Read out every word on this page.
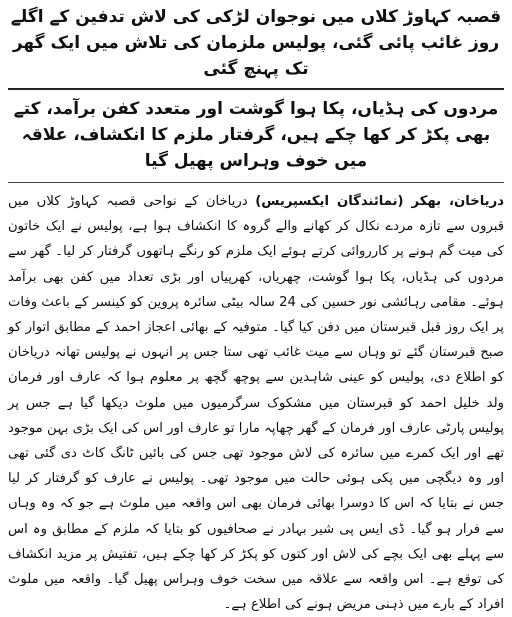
قصبہ کہاوڑ کلاں میں نوجوان لڑکی کی لاش تدفین کے اگلے روز غائب پائی گئی، پولیس ملزمان کی تلاش میں ایک گھر تک پہنچ گئی
مردوں کی ہڈیاں، پکا ہوا گوشت اور متعدد کفن برآمد، کتے بھی پکڑ کر کھا چکے ہیں، گرفتار ملزم کا انکشاف، علاقہ میں خوف وہراس پھیل گیا

دریاخان، بھکر (نمائندگان ایکسپریس) دریاخان کے نواحی قصبہ کہاوڑ کلاں میں قبروں سے تازہ مردے نکال کر کھانے والے گروہ کا انکشاف ہوا ہے، پولیس نے ایک خاتون کی میت گم ہونے پر کارروائی کرتے ہوئے ایک ملزم کو رنگے ہاتھوں گرفتار کر لیا۔ گھر سے مردوں کی ہڈیاں، پکا ہوا گوشت، چھریاں، کھرپیاں اور بڑی تعداد میں کفن بھی برآمد ہوئے۔ مقامی رہائشی نور حسین کی 24 سالہ بیٹی سائرہ پروین کو کینسر کے باعث وفات پر ایک روز قبل قبرستان میں دفن کیا گیا۔ متوفیہ کے بھائی اعجاز احمد کے مطابق اتوار کو صبح قبرستان گئے تو وہاں سے میت غائب تھی ستا جس پر انہوں نے پولیس تھانہ دریاخان کو اطلاع دی، پولیس کو عینی شاہدین سے پوچھ گچھ پر معلوم ہوا کہ عارف اور فرمان ولد خلیل احمد کو قبرستان میں مشکوک سرگرمیوں میں ملوث دیکھا گیا ہے جس پر پولیس پارٹی عارف اور فرمان کے گھر چھاپہ مارا تو عارف اور اس کی ایک بڑی بہن موجود تھے اور ایک کمرے میں سائرہ کی لاش موجود تھی جس کی بائیں ٹانگ کاٹ دی گئی تھی اور وہ دیگچی میں پکی ہوئی حالت میں موجود تھی۔ پولیس نے عارف کو گرفتار کر لیا جس نے بتایا کہ اس کا دوسرا بھائی فرمان بھی اس واقعہ میں ملوث ہے جو کہ وہ وہاں سے فرار ہو گیا۔ ڈی ایس پی شیر بہادر نے صحافیوں کو بتایا کہ ملزم کے مطابق وہ اس سے پہلے بھی ایک بچے کی لاش اور کتوں کو پکڑ کر کھا چکے ہیں، تفتیش پر مزید انکشاف کی توقع ہے۔ اس واقعہ سے علاقہ میں سخت خوف وہراس پھیل گیا۔ واقعہ میں ملوث افراد کے بارے میں ذہنی مریض ہونے کی اطلاع ہے۔
